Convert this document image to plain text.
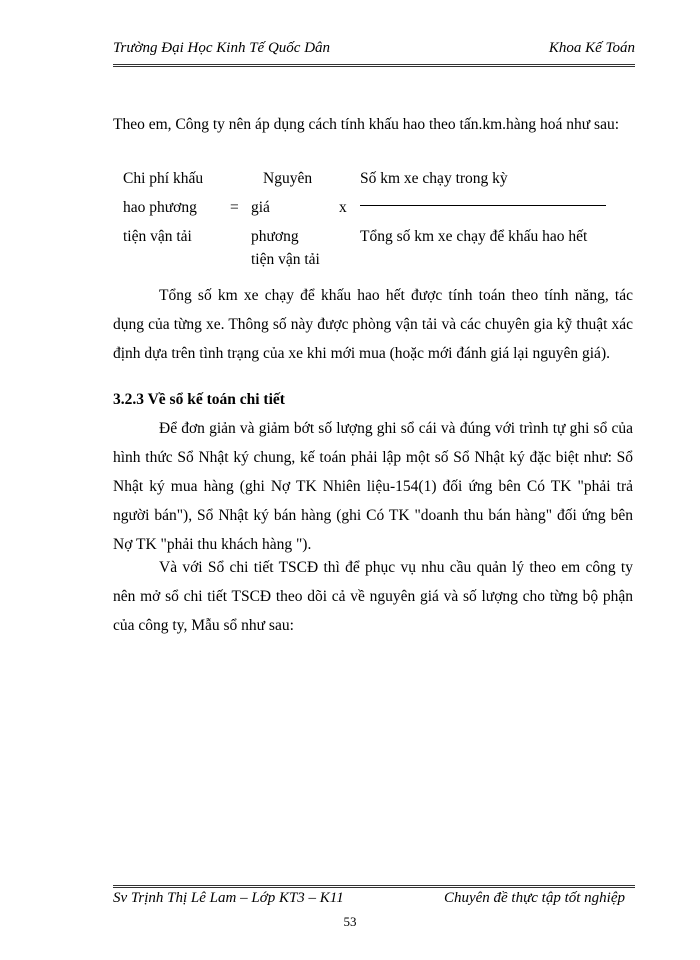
Trường Đại Học Kinh Tế Quốc Dân	Khoa Kế Toán
Theo em, Công ty nên áp dụng cách tính khấu hao theo tấn.km.hàng hoá như sau:
Chi phí khấu
hao phương
tiện vận tải
=
Nguyên
giá
phương
tiện vận tải
x
Số km xe chạy trong kỳ
Tổng số km xe chạy để khấu hao hết
Tổng số km xe chạy để khấu hao hết được tính toán theo tính năng, tác dụng của từng xe. Thông số này được phòng vận tải và các chuyên gia kỹ thuật xác định dựa trên tình trạng của xe khi mới mua (hoặc mới đánh giá lại nguyên giá).
3.2.3 Về sổ kế toán chi tiết
Để đơn giản và giảm bớt số lượng ghi sổ cái và đúng với trình tự ghi sổ của hình thức Sổ Nhật ký chung, kế toán phải lập một số Sổ Nhật ký đặc biệt như: Sổ Nhật ký mua hàng (ghi Nợ TK Nhiên liệu-154(1) đối ứng bên Có TK "phải trả người bán"), Sổ Nhật ký bán hàng (ghi Có TK "doanh thu bán hàng" đối ứng bên Nợ TK "phải thu khách hàng ").
Và với Sổ chi tiết TSCĐ thì để phục vụ nhu cầu quản lý theo em công ty nên mở sổ chi tiết TSCĐ theo dõi cả về nguyên giá và số lượng cho từng bộ phận của công ty, Mẫu sổ như sau:
Sv Trịnh Thị Lê Lam – Lớp KT3 – K11	Chuyên đề thực tập tốt nghiệp
53
